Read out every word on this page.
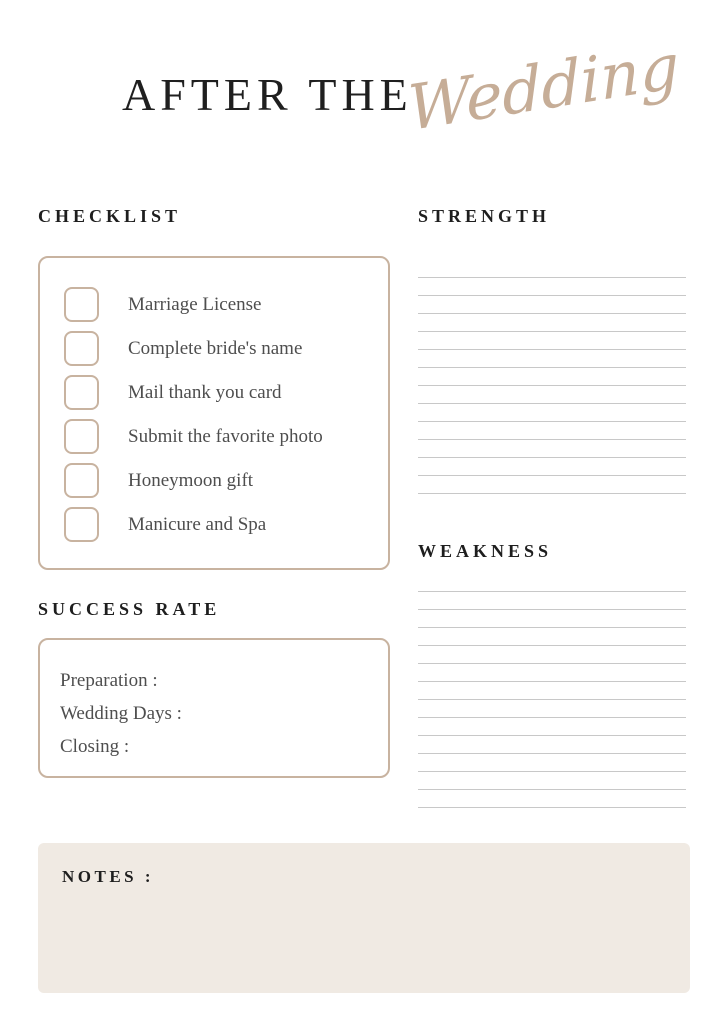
AFTER THE
Wedding
CHECKLIST
Marriage License
Complete bride's name
Mail thank you card
Submit the favorite photo
Honeymoon gift
Manicure and Spa
SUCCESS RATE
Preparation :
Wedding Days :
Closing :
STRENGTH
WEAKNESS
NOTES :
